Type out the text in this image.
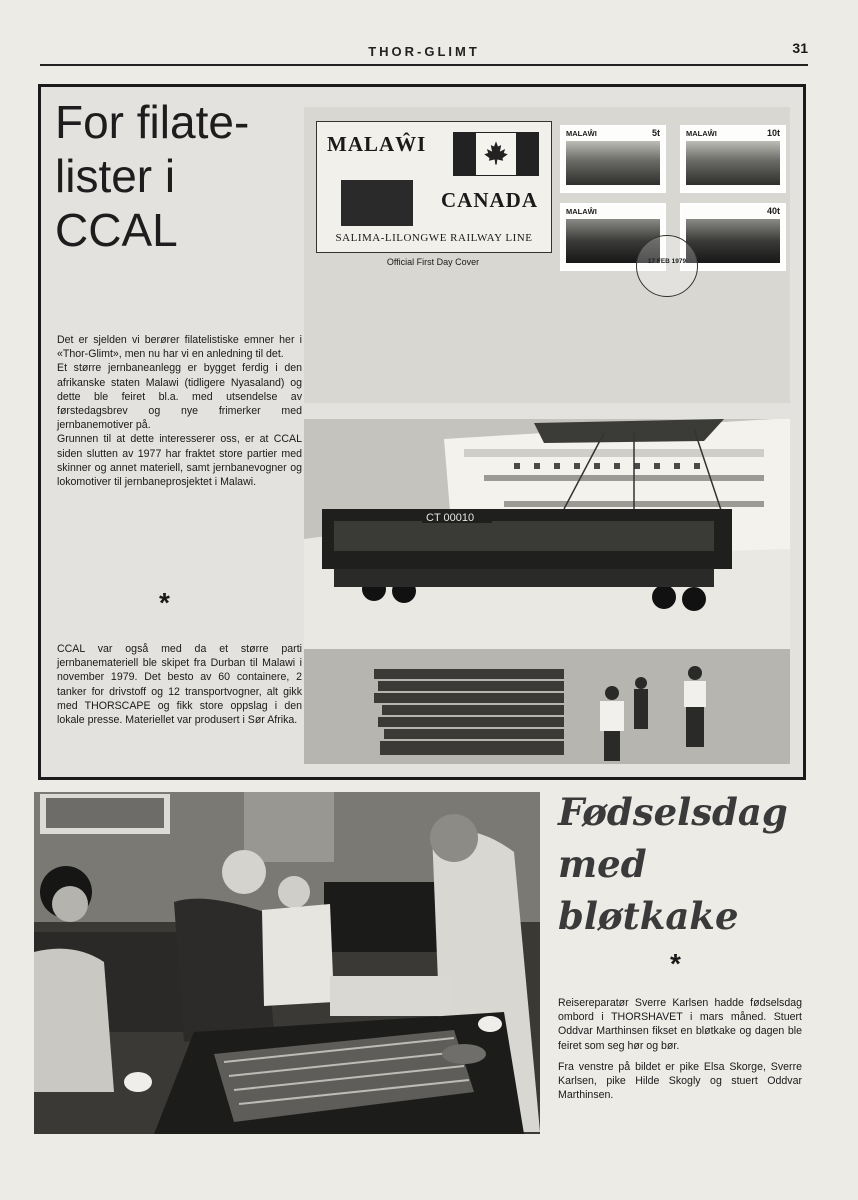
THOR-GLIMT	31
For filate-
lister i
CCAL

Det er sjelden vi berører filatelistiske emner her i «Thor-Glimt», men nu har vi en anledning til det.

Et større jernbaneanlegg er bygget ferdig i den afrikanske staten Malawi (tidligere Nyasaland) og dette ble feiret bl.a. med utsendelse av førstedagsbrev og nye frimerker med jernbanemotiver på.

Grunnen til at dette interesserer oss, er at CCAL siden slutten av 1977 har fraktet store partier med skinner og annet materiell, samt jernbanevogner og lokomotiver til jernbaneprosjektet i Malawi.

*

CCAL var også med da et større parti jernbanemateriell ble skipet fra Durban til Malawi i november 1979. Det besto av 60 containere, 2 tanker for drivstoff og 12 transportvogner, alt gikk med THORSCAPE og fikk store oppslag i den lokale presse. Materiellet var produsert i Sør Afrika.

MALAŴI
CANADA
SALIMA-LILONGWE RAILWAY LINE
Official First Day Cover
MALAŴI	5t	MALAŴI	10t
MALAŴI	40t
17 FEB 1979
CT 00010
Fødselsdag
med
bløtkake
*

Reisereparatør Sverre Karlsen hadde fødselsdag ombord i THORSHAVET i mars måned. Stuert Oddvar Marthinsen fikset en bløtkake og dagen ble feiret som seg hør og bør.

Fra venstre på bildet er pike Elsa Skorge, Sverre Karlsen, pike Hilde Skogly og stuert Oddvar Marthinsen.
